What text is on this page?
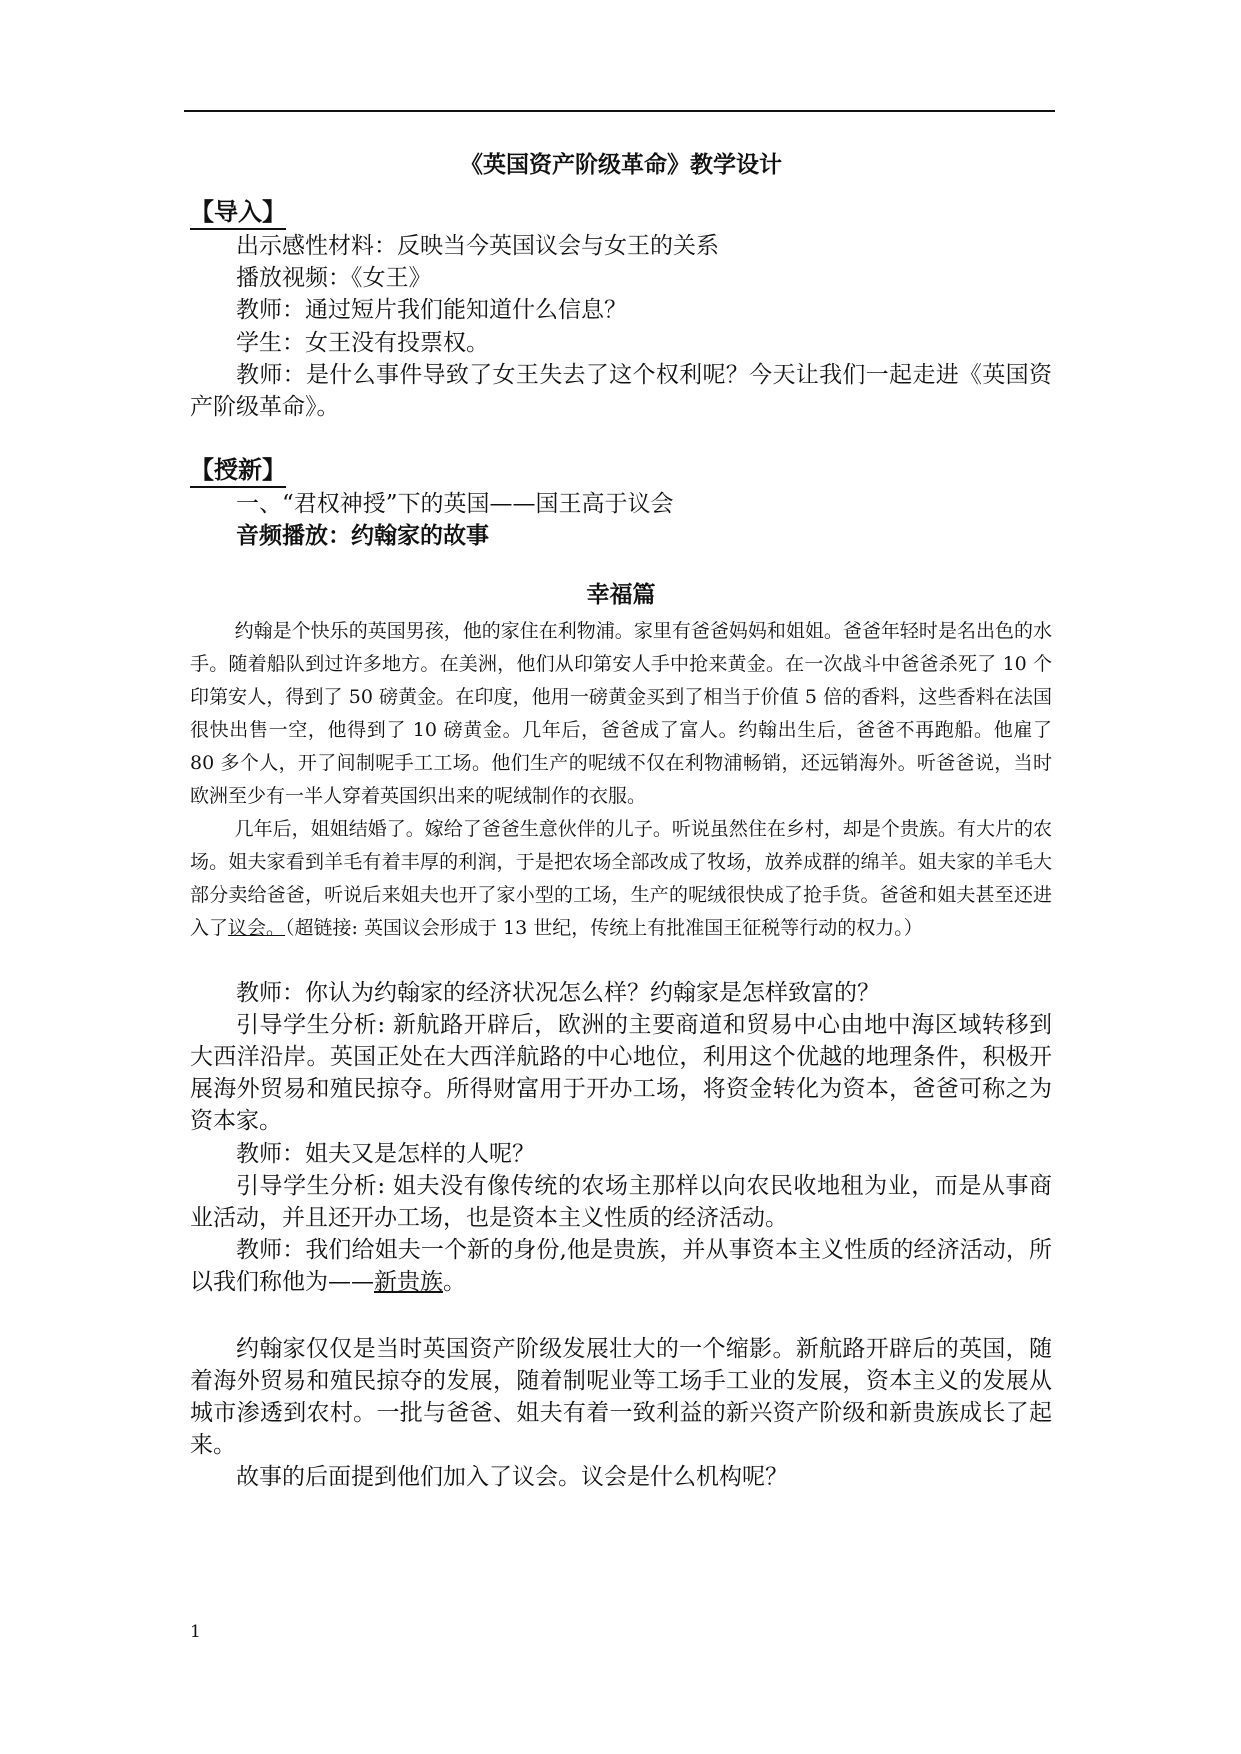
《英国资产阶级革命》教学设计
【导入】

出示感性材料：反映当今英国议会与女王的关系

播放视频：《女王》

教师：通过短片我们能知道什么信息？

学生：女王没有投票权。

教师：是什么事件导致了女王失去了这个权利呢？今天让我们一起走进《英国资产阶级革命》。

【授新】

一、“君权神授”下的英国——国王高于议会

音频播放：约翰家的故事

幸福篇

约翰是个快乐的英国男孩，他的家住在利物浦。家里有爸爸妈妈和姐姐。爸爸年轻时是名出色的水手。随着船队到过许多地方。在美洲，他们从印第安人手中抢来黄金。在一次战斗中爸爸杀死了 10 个印第安人，得到了 50 磅黄金。在印度，他用一磅黄金买到了相当于价值 5 倍的香料，这些香料在法国很快出售一空，他得到了 10 磅黄金。几年后，爸爸成了富人。约翰出生后，爸爸不再跑船。他雇了 80 多个人，开了间制呢手工工场。他们生产的呢绒不仅在利物浦畅销，还远销海外。听爸爸说，当时欧洲至少有一半人穿着英国织出来的呢绒制作的衣服。

几年后，姐姐结婚了。嫁给了爸爸生意伙伴的儿子。听说虽然住在乡村，却是个贵族。有大片的农场。姐夫家看到羊毛有着丰厚的利润，于是把农场全部改成了牧场，放养成群的绵羊。姐夫家的羊毛大部分卖给爸爸，听说后来姐夫也开了家小型的工场，生产的呢绒很快成了抢手货。爸爸和姐夫甚至还进入了议会。（超链接: 英国议会形成于 13 世纪，传统上有批准国王征税等行动的权力。）

教师：你认为约翰家的经济状况怎么样？约翰家是怎样致富的？

引导学生分析: 新航路开辟后，欧洲的主要商道和贸易中心由地中海区域转移到大西洋沿岸。英国正处在大西洋航路的中心地位，利用这个优越的地理条件，积极开展海外贸易和殖民掠夺。所得财富用于开办工场，将资金转化为资本，爸爸可称之为资本家。

教师：姐夫又是怎样的人呢？

引导学生分析: 姐夫没有像传统的农场主那样以向农民收地租为业，而是从事商业活动，并且还开办工场，也是资本主义性质的经济活动。

教师：我们给姐夫一个新的身份,他是贵族，并从事资本主义性质的经济活动，所以我们称他为——新贵族。

约翰家仅仅是当时英国资产阶级发展壮大的一个缩影。新航路开辟后的英国，随着海外贸易和殖民掠夺的发展，随着制呢业等工场手工业的发展，资本主义的发展从城市渗透到农村。一批与爸爸、姐夫有着一致利益的新兴资产阶级和新贵族成长了起来。

故事的后面提到他们加入了议会。议会是什么机构呢？

1
